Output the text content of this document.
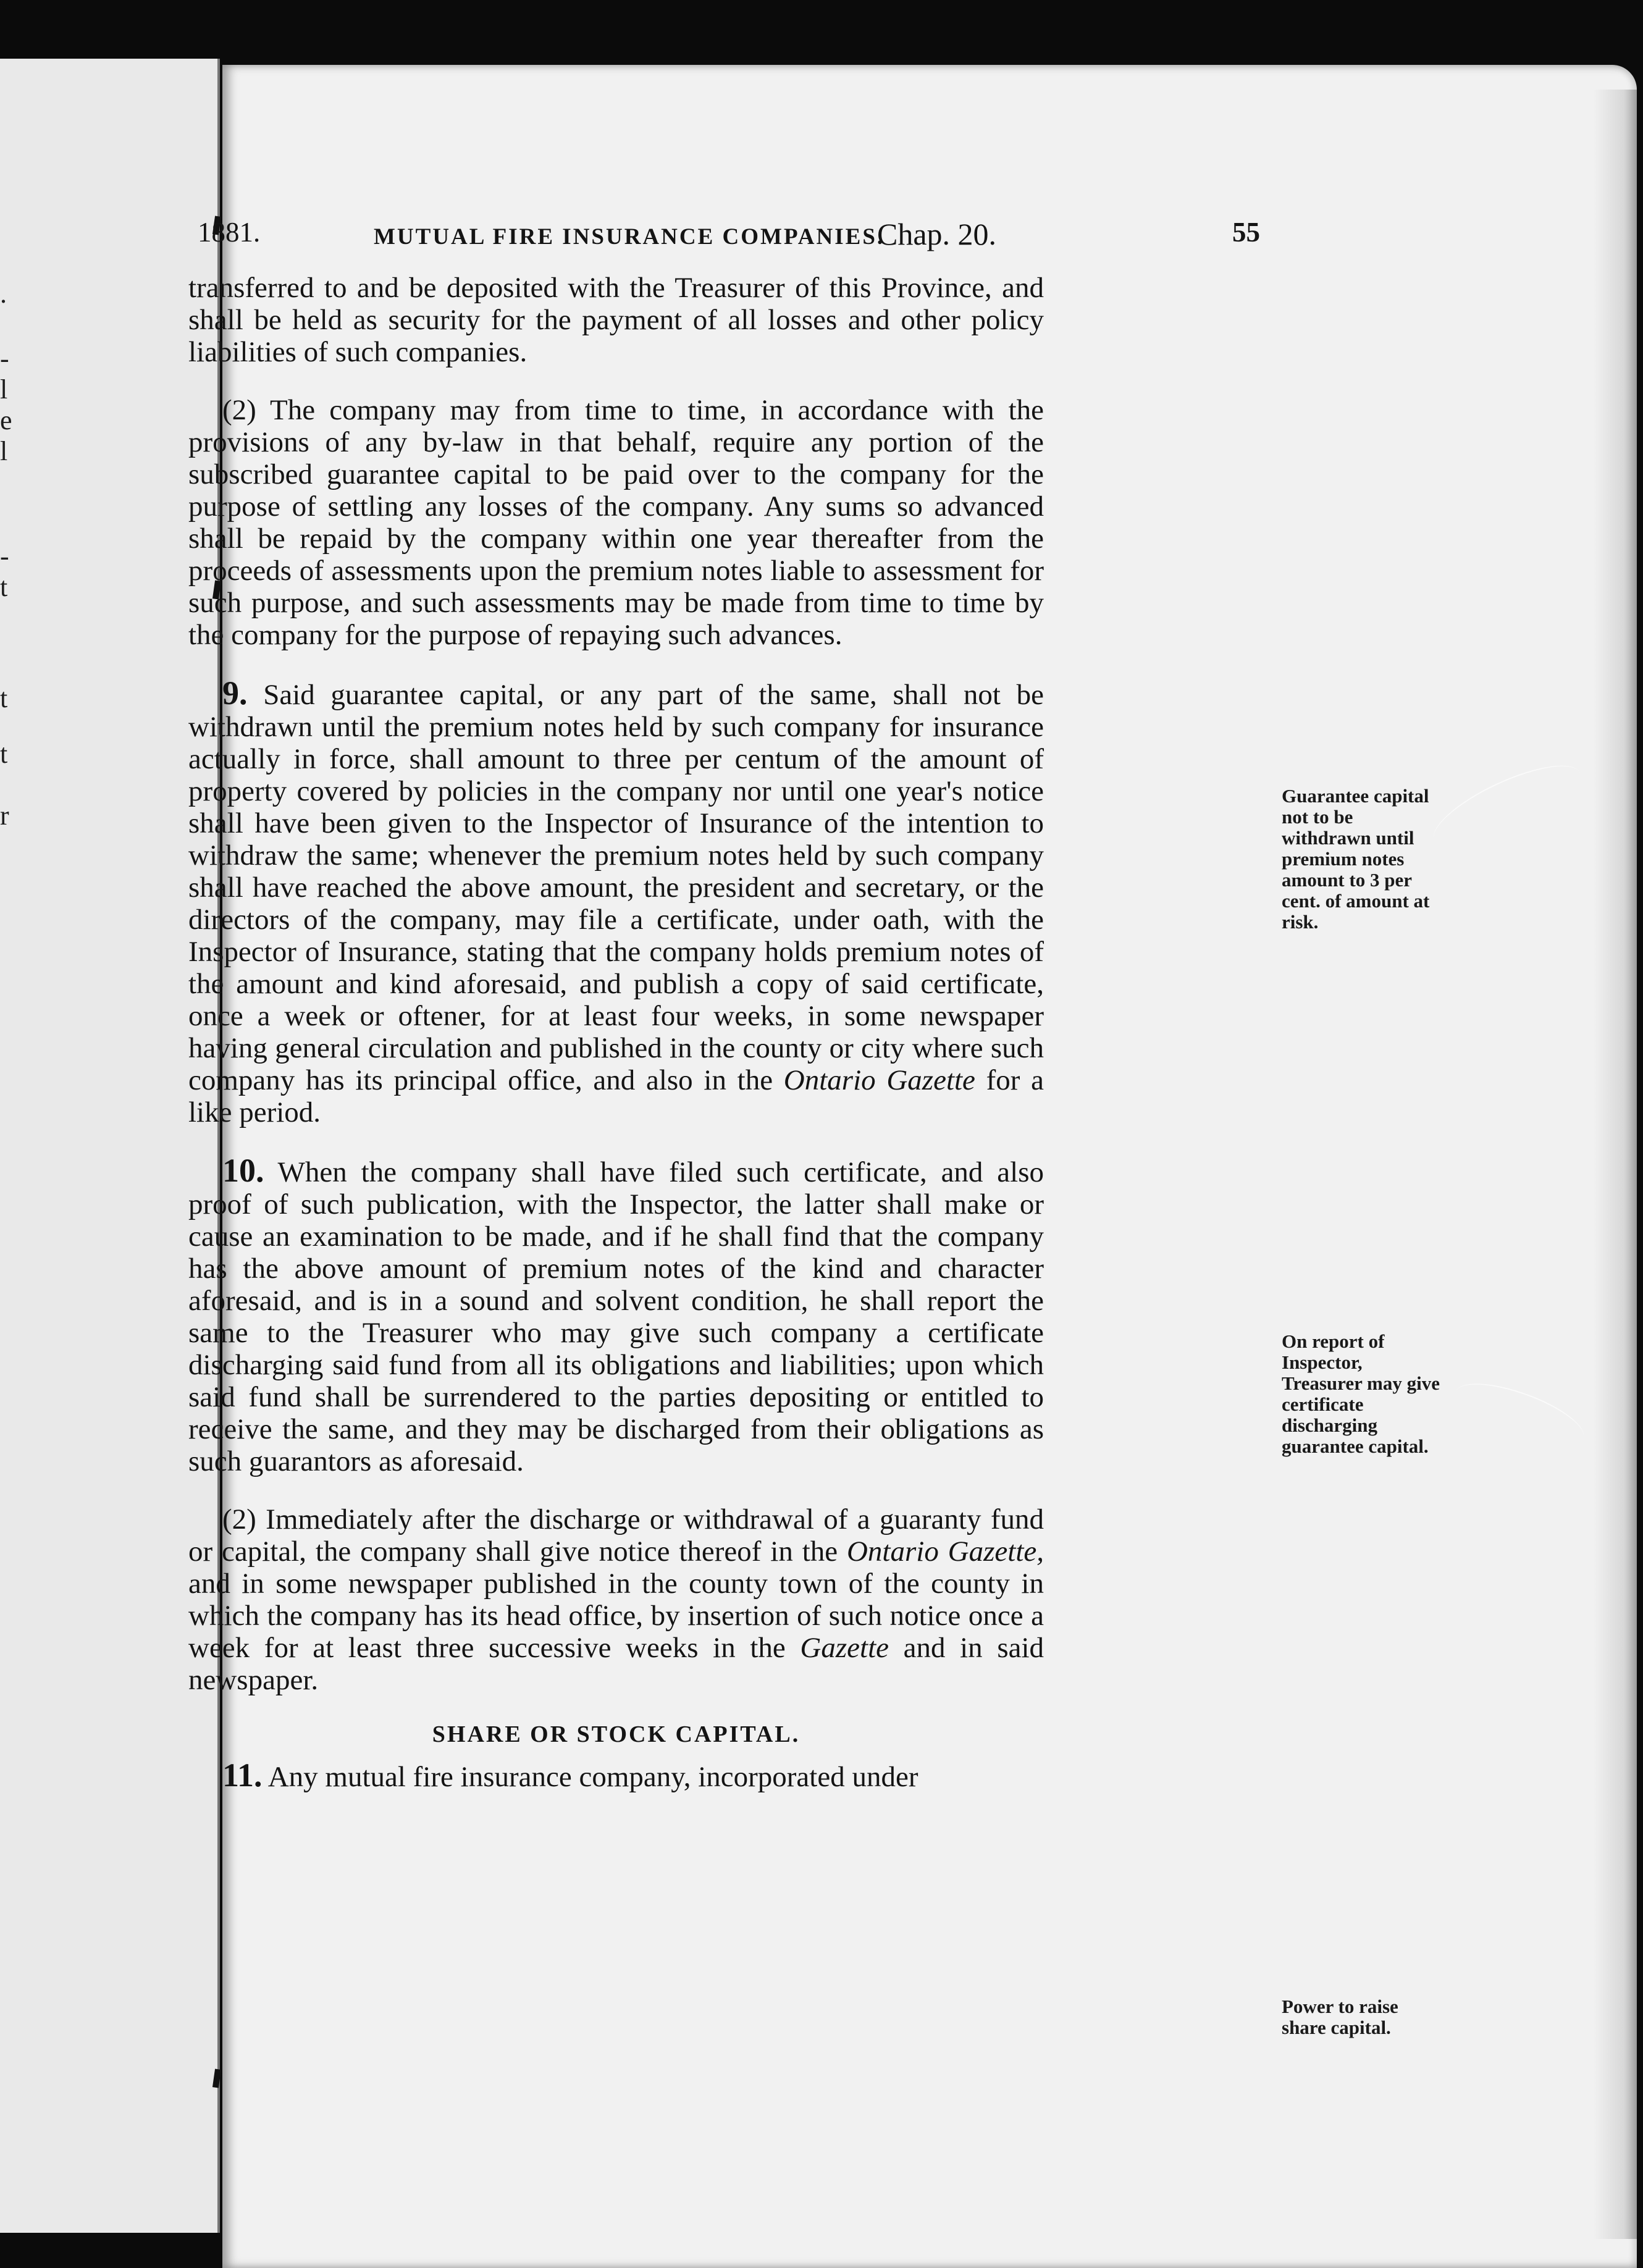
.
-
l
e
l
-
t
t
t
r
1881.	MUTUAL FIRE INSURANCE COMPANIES.
Chap. 20.	55

transferred to and be deposited with the Treasurer of this Province, and shall be held as security for the payment of all losses and other policy liabilities of such companies.

(2) The company may from time to time, in accordance with the provisions of any by-law in that behalf, require any portion of the subscribed guarantee capital to be paid over to the company for the purpose of settling any losses of the company. Any sums so advanced shall be repaid by the company within one year thereafter from the proceeds of assessments upon the premium notes liable to assessment for such purpose, and such assessments may be made from time to time by the company for the purpose of repaying such advances.

9. Said guarantee capital, or any part of the same, shall not be withdrawn until the premium notes held by such company for insurance actually in force, shall amount to three per centum of the amount of property covered by policies in the company nor until one year's notice shall have been given to the Inspector of Insurance of the intention to withdraw the same; whenever the premium notes held by such company shall have reached the above amount, the president and secretary, or the directors of the company, may file a certificate, under oath, with the Inspector of Insurance, stating that the company holds premium notes of the amount and kind aforesaid, and publish a copy of said certificate, once a week or oftener, for at least four weeks, in some newspaper having general circulation and published in the county or city where such company has its principal office, and also in the Ontario Gazette for a like period.

10. When the company shall have filed such certificate, and also proof of such publication, with the Inspector, the latter shall make or cause an examination to be made, and if he shall find that the company has the above amount of premium notes of the kind and character aforesaid, and is in a sound and solvent condition, he shall report the same to the Treasurer who may give such company a certificate discharging said fund from all its obligations and liabilities; upon which said fund shall be surrendered to the parties depositing or entitled to receive the same, and they may be discharged from their obligations as such guarantors as aforesaid.

(2) Immediately after the discharge or withdrawal of a guaranty fund or capital, the company shall give notice thereof in the Ontario Gazette, and in some newspaper published in the county town of the county in which the company has its head office, by insertion of such notice once a week for at least three successive weeks in the Gazette and in said newspaper.

SHARE OR STOCK CAPITAL.

11. Any mutual fire insurance company, incorporated under

Guarantee capital not to be withdrawn until premium notes amount to 3 per cent. of amount at risk.
On report of Inspector, Treasurer may give certificate discharging guarantee capital.
Power to raise share capital.
